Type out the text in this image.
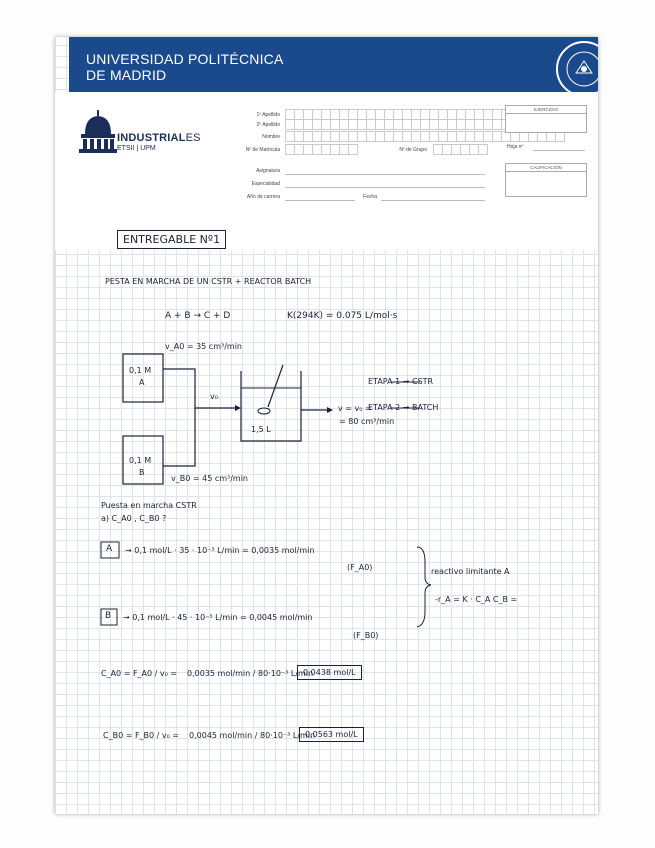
UNIVERSIDAD POLITÉCNICA
DE MADRID
INDUSTRIALES
ETSII | UPM
1º Apellido
2º Apellido
Nombre
Nº de Matrícula	Nº de Grupo
Asignatura
Especialidad
Año de carrera	Fecha
EJERCICIO
Hoja nº
CALIFICACIÓN
ENTREGABLE Nº1
PESTA EN MARCHA DE UN CSTR + REACTOR BATCH
A + B → C + D	K(294K) = 0.075 L/mol·s
v_A0 = 35 cm³/min
0,1 M
A
v₀
1,5 L
v = v₀ =
= 80 cm³/min
ETAPA 1 → CSTR
ETAPA 2 → BATCH
0,1 M
B
v_B0 = 45 cm³/min
Puesta en marcha CSTR
a) C_A0 , C_B0 ?
A → 0,1 mol/L · 35 · 10⁻³ L/min = 0,0035 mol/min
(F_A0)	reactivo limitante A
-r_A = K · C_A C_B =
B → 0,1 mol/L · 45 · 10⁻³ L/min = 0,0045 mol/min
(F_B0)
C_A0 = F_A0 / v₀ = 0,0035 mol/min / 80·10⁻³ L/min
0,0438 mol/L
C_B0 = F_B0 / v₀ = 0,0045 mol/min / 80·10⁻³ L/min
0,0563 mol/L
